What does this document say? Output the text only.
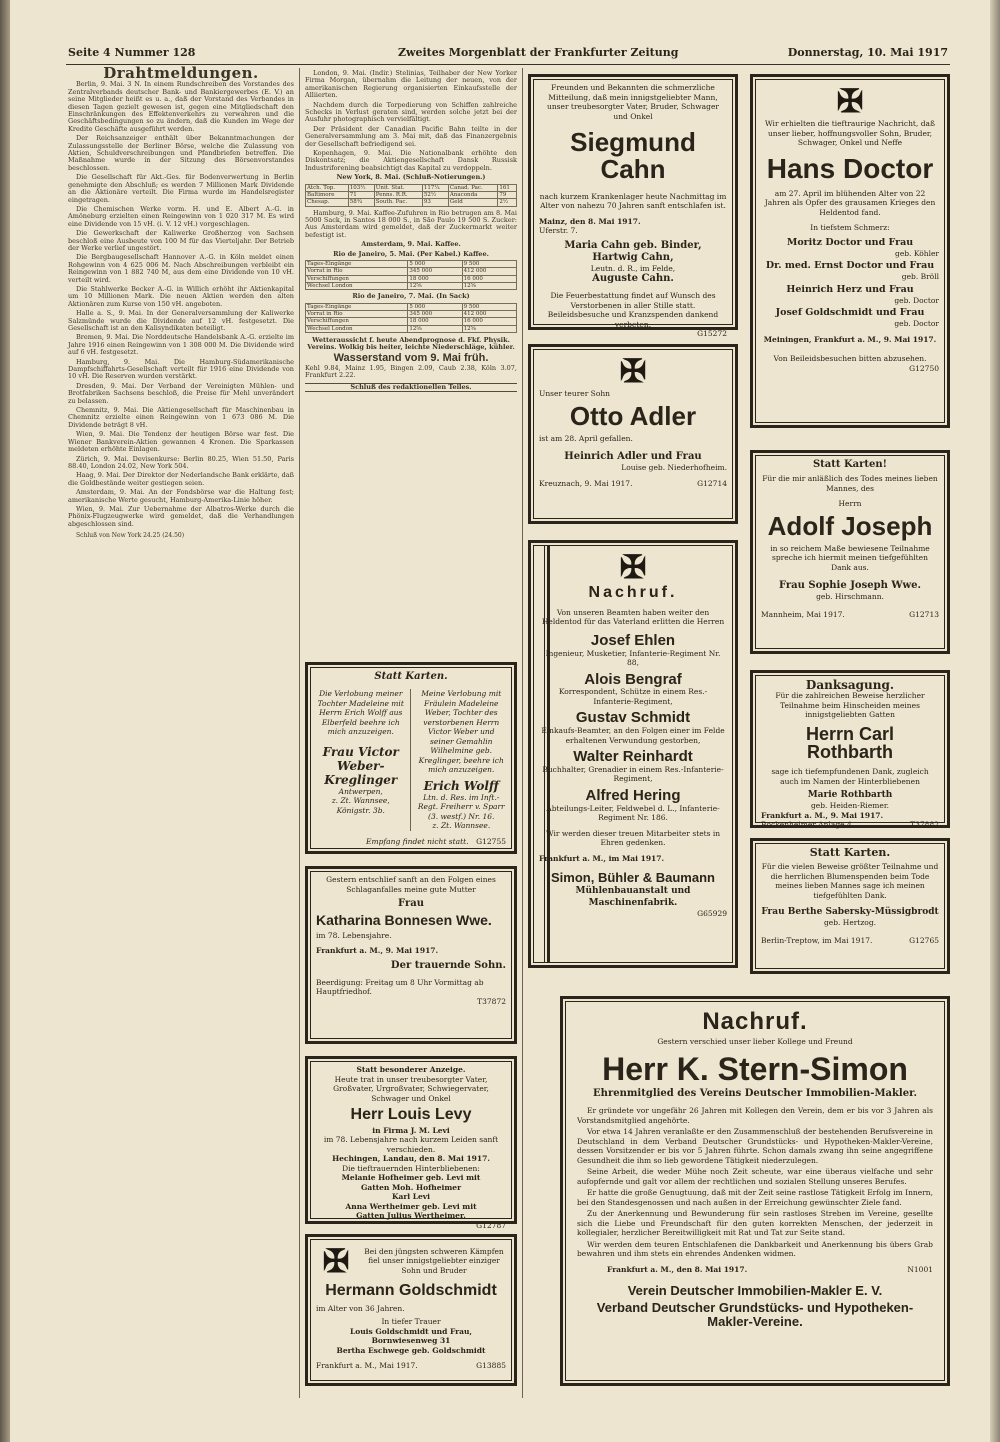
Seite 4 Nummer 128	Zweites Morgenblatt der Frankfurter Zeitung	Donnerstag, 10. Mai 1917
Drahtmeldungen.

Berlin, 9. Mai. 3 N. In einem Rundschreiben des Vorstandes des Zentralverbands deutscher Bank- und Bankiergewerbes (E. V.) an seine Mitglieder heißt es u. a., daß der Vorstand des Verbandes in diesen Tagen gezielt gewesen ist, gegen eine Mitgliedschaft den Einschränkungen des Effektenverkehrs zu verwahren und die Geschäftsbedingungen so zu ändern, daß die Kunden im Wege der Kredite Geschäfte ausgeführt werden.

Der Reichsanzeiger enthält über Bekanntmachungen der Zulassungsstelle der Berliner Börse, welche die Zulassung von Aktien, Schuldverschreibungen und Pfandbriefen betreffen. Die Maßnahme wurde in der Sitzung des Börsenvorstandes beschlossen.

Die Gesellschaft für Akt.-Ges. für Bodenverwertung in Berlin genehmigte den Abschluß; es werden 7 Millionen Mark Dividende an die Aktionäre verteilt. Die Firma wurde im Handelsregister eingetragen.

Die Chemischen Werke vorm. H. und E. Albert A.-G. in Amöneburg erzielten einen Reingewinn von 1 020 317 M. Es wird eine Dividende von 15 vH. (i. V. 12 vH.) vorgeschlagen.

Die Gewerkschaft der Kaliwerke Großherzog von Sachsen beschloß eine Ausbeute von 100 M für das Vierteljahr. Der Betrieb der Werke verlief ungestört.

Die Bergbaugesellschaft Hannover A.-G. in Köln meldet einen Rohgewinn von 4 625 006 M. Nach Abschreibungen verbleibt ein Reingewinn von 1 882 740 M, aus dem eine Dividende von 10 vH. verteilt wird.

Die Stahlwerke Becker A.-G. in Willich erhöht ihr Aktienkapital um 10 Millionen Mark. Die neuen Aktien werden den alten Aktionären zum Kurse von 150 vH. angeboten.

Halle a. S., 9. Mai. In der Generalversammlung der Kaliwerke Salzmünde wurde die Dividende auf 12 vH. festgesetzt. Die Gesellschaft ist an den Kalisyndikaten beteiligt.

Bremen, 9. Mai. Die Norddeutsche Handelsbank A.-G. erzielte im Jahre 1916 einen Reingewinn von 1 308 000 M. Die Dividende wird auf 6 vH. festgesetzt.

Hamburg, 9. Mai. Die Hamburg-Südamerikanische Dampfschiffahrts-Gesellschaft verteilt für 1916 eine Dividende von 10 vH. Die Reserven wurden verstärkt.

Dresden, 9. Mai. Der Verband der Vereinigten Mühlen- und Brotfabriken Sachsens beschloß, die Preise für Mehl unverändert zu belassen.

Chemnitz, 9. Mai. Die Aktiengesellschaft für Maschinenbau in Chemnitz erzielte einen Reingewinn von 1 673 086 M. Die Dividende beträgt 8 vH.

Wien, 9. Mai. Die Tendenz der heutigen Börse war fest. Die Wiener Bankverein-Aktien gewannen 4 Kronen. Die Sparkassen meldeten erhöhte Einlagen.

Zürich, 9. Mai. Devisenkurse: Berlin 80.25, Wien 51.50, Paris 88.40, London 24.02, New York 504.

Haag, 9. Mai. Der Direktor der Nederlandsche Bank erklärte, daß die Goldbestände weiter gestiegen seien.

Amsterdam, 9. Mai. An der Fondsbörse war die Haltung fest; amerikanische Werte gesucht, Hamburg-Amerika-Linie höher.

Wien, 9. Mai. Zur Uebernahme der Albatros-Werke durch die Phönix-Flugzeugwerke wird gemeldet, daß die Verhandlungen abgeschlossen sind.

Schluß von New York 24.25 (24.50)

London, 9. Mai. (Indir.) Stelinias, Teilhaber der New Yorker Firma Morgan, übernahm die Leitung der neuen, von der amerikanischen Regierung organisierten Einkaufsstelle der Alliierten.

Nachdem durch die Torpedierung von Schiffen zahlreiche Schecks in Verlust geraten sind, werden solche jetzt bei der Ausfuhr photographisch vervielfältigt.

Der Präsident der Canadian Pacific Bahn teilte in der Generalversammlung am 3. Mai mit, daß das Finanzergebnis der Gesellschaft befriedigend sei.

Kopenhagen, 9. Mai. Die Nationalbank erhöhte den Diskontsatz; die Aktiengesellschaft Dansk Russisk Industriforening beabsichtigt das Kapital zu verdoppeln.

New York, 8. Mai. (Schluß-Notierungen.)

Atch. Top.	103½	Unit. Stat.	117¼	Canad. Pac.	161
Baltimore	71	Penns. R.R.	52½	Anaconda	79
Chesap.	58¾	South. Pac.	93	Geld	2½

Hamburg, 9. Mai. Kaffee-Zufuhren in Rio betrugen am 8. Mai 5000 Sack, in Santos 18 000 S., in São Paulo 19 500 S. Zucker: Aus Amsterdam wird gemeldet, daß der Zuckermarkt weiter befestigt ist.

Amsterdam, 9. Mai. Kaffee.

Rio de Janeiro, 5. Mai. (Per Kabel.) Kaffee.

Tages-Eingänge	5 000	9 500
Vorrat in Rio	345 000	412 000
Verschiffungen	18 000	16 000
Wechsel London	12⅝	12⅝

Rio de Janeiro, 7. Mai. (In Sack)

Tages-Eingänge	5 000	9 500
Vorrat in Rio	345 000	412 000
Verschiffungen	18 000	16 000
Wechsel London	12⅝	12⅝

Wetteraussicht f. heute Abendprognose d. Fkf. Physik. Vereins. Wolkig bis heiter, leichte Niederschläge, kühler.

Wasserstand vom 9. Mai früh.

Kehl 9.84, Mainz 1.95, Bingen 2.09, Caub 2.38, Köln 3.07, Frankfurt 2.22.

Schluß des redaktionellen Teiles.

Freunden und Bekannten die schmerzliche Mitteilung, daß mein innigstgeliebter Mann, unser treubesorgter Vater, Bruder, Schwager und Onkel
Siegmund Cahn
nach kurzem Krankenlager heute Nachmittag im Alter von nahezu 70 Jahren sanft entschlafen ist.
Mainz, den 8. Mai 1917.
Uferstr. 7.
Maria Cahn geb. Binder,
Hartwig Cahn,
Leutn. d. R., im Felde,
Auguste Cahn.
Die Feuerbestattung findet auf Wunsch des Verstorbenen in aller Stille statt. Beileidsbesuche und Kranzspenden dankend verbeten.
G15272
✠
Wir erhielten die tieftraurige Nachricht, daß unser lieber, hoffnungsvoller Sohn, Bruder, Schwager, Onkel und Neffe
Hans Doctor
am 27. April im blühenden Alter von 22 Jahren als Opfer des grausamen Krieges den Heldentod fand.
In tiefstem Schmerz:
Moritz Doctor und Frau
geb. Köhler
Dr. med. Ernst Doctor und Frau
geb. Bröll
Heinrich Herz und Frau
geb. Doctor
Josef Goldschmidt und Frau
geb. Doctor
Meiningen, Frankfurt a. M., 9. Mai 1917.
Von Beileidsbesuchen bitten abzusehen.
G12750
✠
Unser teurer Sohn
Otto Adler
ist am 28. April gefallen.
Heinrich Adler und Frau
Louise geb. Niederhofheim.
Kreuznach, 9. Mai 1917.	G12714
Statt Karten!
Für die mir anläßlich des Todes meines lieben Mannes, des
Herrn
Adolf Joseph
in so reichem Maße bewiesene Teilnahme spreche ich hiermit meinen tiefgefühlten Dank aus.
Frau Sophie Joseph Wwe.
geb. Hirschmann.
Mannheim, Mai 1917.	G12713
Statt Karten.
Die Verlobung meiner Tochter Madeleine mit Herrn Erich Wolff aus Elberfeld beehre ich mich anzuzeigen.
Frau Victor Weber-Kreglinger
Antwerpen,
z. Zt. Wannsee, Königstr. 3b.
Meine Verlobung mit Fräulein Madeleine Weber, Tochter des verstorbenen Herrn Victor Weber und seiner Gemahlin Wilhelmine geb. Kreglinger, beehre ich mich anzuzeigen.
Erich Wolff
Ltn. d. Res. im Inft.-Regt. Freiherr v. Sparr (3. westf.) Nr. 16.
z. Zt. Wannsee.
Empfang findet nicht statt. G12755
Gestern entschlief sanft an den Folgen eines Schlaganfalles meine gute Mutter
Frau
Katharina Bonnesen Wwe.
im 78. Lebensjahre.
Frankfurt a. M., 9. Mai 1917.
Der trauernde Sohn.
Beerdigung: Freitag um 8 Uhr Vormittag ab Hauptfriedhof.
T37872
Statt besonderer Anzeige.
Heute trat in unser treubesorgter Vater, Großvater, Urgroßvater, Schwiegervater, Schwager und Onkel
Herr Louis Levy
in Firma J. M. Levi
im 78. Lebensjahre nach kurzem Leiden sanft verschieden.
Hechingen, Landau, den 8. Mai 1917.
Die tieftrauernden Hinterbliebenen:
Melanie Hofheimer geb. Levi mit
Gatten Moh. Hofheimer
Karl Levi
Anna Wertheimer geb. Levi mit
Gatten Julius Wertheimer.
G12787
✠	Bei den jüngsten schweren Kämpfen fiel unser innigstgeliebter einziger Sohn und Bruder
Hermann Goldschmidt
im Alter von 36 Jahren.
In tiefer Trauer
Louis Goldschmidt und Frau, Bornwiesenweg 31
Bertha Eschwege geb. Goldschmidt
Frankfurt a. M., Mai 1917.	G13885
✠
Nachruf.
Von unseren Beamten haben weiter den Heldentod für das Vaterland erlitten die Herren
Josef Ehlen
Ingenieur, Musketier, Infanterie-Regiment Nr. 88,
Alois Bengraf
Korrespondent, Schütze in einem Res.-Infanterie-Regiment,
Gustav Schmidt
Einkaufs-Beamter, an den Folgen einer im Felde erhaltenen Verwundung gestorben,
Walter Reinhardt
Buchhalter, Grenadier in einem Res.-Infanterie-Regiment,
Alfred Hering
Abteilungs-Leiter, Feldwebel d. L., Infanterie-Regiment Nr. 186.
Wir werden dieser treuen Mitarbeiter stets in Ehren gedenken.
Frankfurt a. M., im Mai 1917.
Simon, Bühler & Baumann
Mühlenbauanstalt und Maschinenfabrik.
G65929
Danksagung.
Für die zahlreichen Beweise herzlicher Teilnahme beim Hinscheiden meines innigstgeliebten Gatten
Herrn Carl Rothbarth
sage ich tiefempfundenen Dank, zugleich auch im Namen der Hinterbliebenen
Marie Rothbarth
geb. Heiden-Riemer.
Frankfurt a. M., 9. Mai 1917.
Bockenheimer Anlage 4.	T37882
Statt Karten.
Für die vielen Beweise größter Teilnahme und die herrlichen Blumenspenden beim Tode meines lieben Mannes sage ich meinen tiefgefühlten Dank.
Frau Berthe Sabersky-Müssigbrodt
geb. Hertzog.
Berlin-Treptow, im Mai 1917.	G12765
Nachruf.
Gestern verschied unser lieber Kollege und Freund
Herr K. Stern-Simon
Ehrenmitglied des Vereins Deutscher Immobilien-Makler.

Er gründete vor ungefähr 26 Jahren mit Kollegen den Verein, dem er bis vor 3 Jahren als Vorstandsmitglied angehörte.

Vor etwa 14 Jahren veranlaßte er den Zusammenschluß der bestehenden Berufsvereine in Deutschland in dem Verband Deutscher Grundstücks- und Hypotheken-Makler-Vereine, dessen Vorsitzender er bis vor 5 Jahren führte. Schon damals zwang ihn seine angegriffene Gesundheit die ihm so lieb gewordene Tätigkeit niederzulegen.

Seine Arbeit, die weder Mühe noch Zeit scheute, war eine überaus vielfache und sehr aufopfernde und galt vor allem der rechtlichen und sozialen Stellung unseres Berufes.

Er hatte die große Genugtuung, daß mit der Zeit seine rastlose Tätigkeit Erfolg im Innern, bei den Standesgenossen und nach außen in der Erreichung gewünschter Ziele fand.

Zu der Anerkennung und Bewunderung für sein rastloses Streben im Vereine, gesellte sich die Liebe und Freundschaft für den guten korrekten Menschen, der jederzeit in kollegialer, herzlicher Bereitwilligkeit mit Rat und Tat zur Seite stand.

Wir werden dem teuren Entschlafenen die Dankbarkeit und Anerkennung bis übers Grab bewahren und ihm stets ein ehrendes Andenken widmen.

Frankfurt a. M., den 8. Mai 1917.	N1001
Verein Deutscher Immobilien-Makler E. V.
Verband Deutscher Grundstücks- und Hypotheken-Makler-Vereine.
